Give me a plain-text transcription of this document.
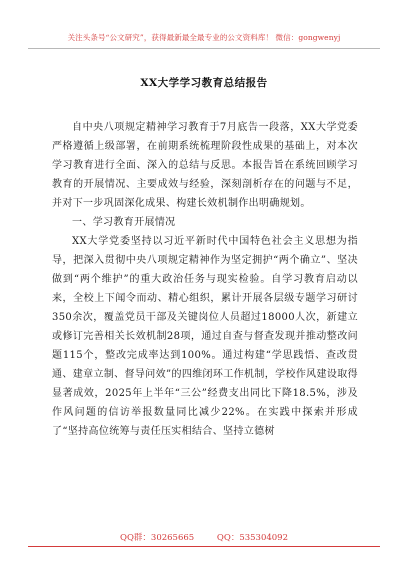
关注头条号“公文研究”，获得最新最全最专业的公文资料库！ 微信：gongwenyj
XX大学学习教育总结报告

自中央八项规定精神学习教育于7月底告一段落，XX大学党委严格遵循上级部署，在前期系统梳理阶段性成果的基础上，对本次学习教育进行全面、深入的总结与反思。本报告旨在系统回顾学习教育的开展情况、主要成效与经验，深刻剖析存在的问题与不足，并对下一步巩固深化成果、构建长效机制作出明确规划。

一、学习教育开展情况

XX大学党委坚持以习近平新时代中国特色社会主义思想为指导，把深入贯彻中央八项规定精神作为坚定拥护“两个确立”、坚决做到“两个维护”的重大政治任务与现实检验。自学习教育启动以来，全校上下闻令而动、精心组织，累计开展各层级专题学习研讨350余次，覆盖党员干部及关键岗位人员超过18000人次，新建立或修订完善相关长效机制28项，通过自查与督查发现并推动整改问题115个，整改完成率达到100%。通过构建“学思践悟、查改贯通、建章立制、督导问效”的四维闭环工作机制，学校作风建设取得显著成效，2025年上半年“三公”经费支出同比下降18.5%，涉及作风问题的信访举报数量同比减少22%。在实践中探索并形成了“坚持高位统筹与责任压实相结合、坚持立德树

QQ群：30265665	QQ：535304092
